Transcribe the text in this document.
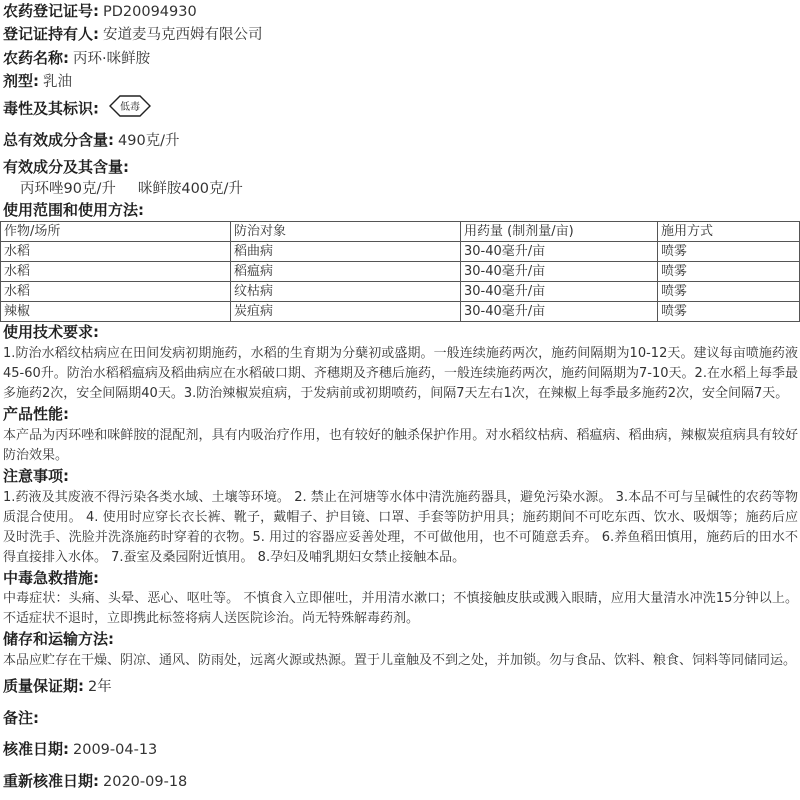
农药登记证号: PD20094930
登记证持有人: 安道麦马克西姆有限公司
农药名称: 丙环·咪鲜胺
剂型: 乳油
毒性及其标识: 低毒
总有效成分含量: 490克/升
有效成分及其含量:
丙环唑90克/升 咪鲜胺400克/升
使用范围和使用方法:
作物/场所	防治对象	用药量 (制剂量/亩)	施用方式
水稻	稻曲病	30-40毫升/亩	喷雾
水稻	稻瘟病	30-40毫升/亩	喷雾
水稻	纹枯病	30-40毫升/亩	喷雾
辣椒	炭疽病	30-40毫升/亩	喷雾
使用技术要求:
1.防治水稻纹枯病应在田间发病初期施药，水稻的生育期为分蘖初或盛期。一般连续施药两次，施药间隔期为10-12天。建议每亩喷施药液45-60升。防治水稻稻瘟病及稻曲病应在水稻破口期、齐穗期及齐穗后施药，一般连续施药两次，施药间隔期为7-10天。2.在水稻上每季最多施药2次，安全间隔期40天。3.防治辣椒炭疽病，于发病前或初期喷药，间隔7天左右1次，在辣椒上每季最多施药2次，安全间隔7天。
产品性能:
本产品为丙环唑和咪鲜胺的混配剂，具有内吸治疗作用，也有较好的触杀保护作用。对水稻纹枯病、稻瘟病、稻曲病，辣椒炭疽病具有较好防治效果。
注意事项:
1.药液及其废液不得污染各类水域、土壤等环境。 2. 禁止在河塘等水体中清洗施药器具，避免污染水源。 3.本品不可与呈碱性的农药等物质混合使用。 4. 使用时应穿长衣长裤、靴子，戴帽子、护目镜、口罩、手套等防护用具；施药期间不可吃东西、饮水、吸烟等；施药后应及时洗手、洗脸并洗涤施药时穿着的衣物。5. 用过的容器应妥善处理，不可做他用，也不可随意丢弃。 6.养鱼稻田慎用，施药后的田水不得直接排入水体。 7.蚕室及桑园附近慎用。 8.孕妇及哺乳期妇女禁止接触本品。
中毒急救措施:
中毒症状：头痛、头晕、恶心、呕吐等。 不慎食入立即催吐，并用清水漱口；不慎接触皮肤或溅入眼睛，应用大量清水冲洗15分钟以上。不适症状不退时，立即携此标签将病人送医院诊治。尚无特殊解毒药剂。
储存和运输方法:
本品应贮存在干燥、阴凉、通风、防雨处，远离火源或热源。置于儿童触及不到之处，并加锁。勿与食品、饮料、粮食、饲料等同储同运。
质量保证期: 2年
备注:
核准日期: 2009-04-13
重新核准日期: 2020-09-18
